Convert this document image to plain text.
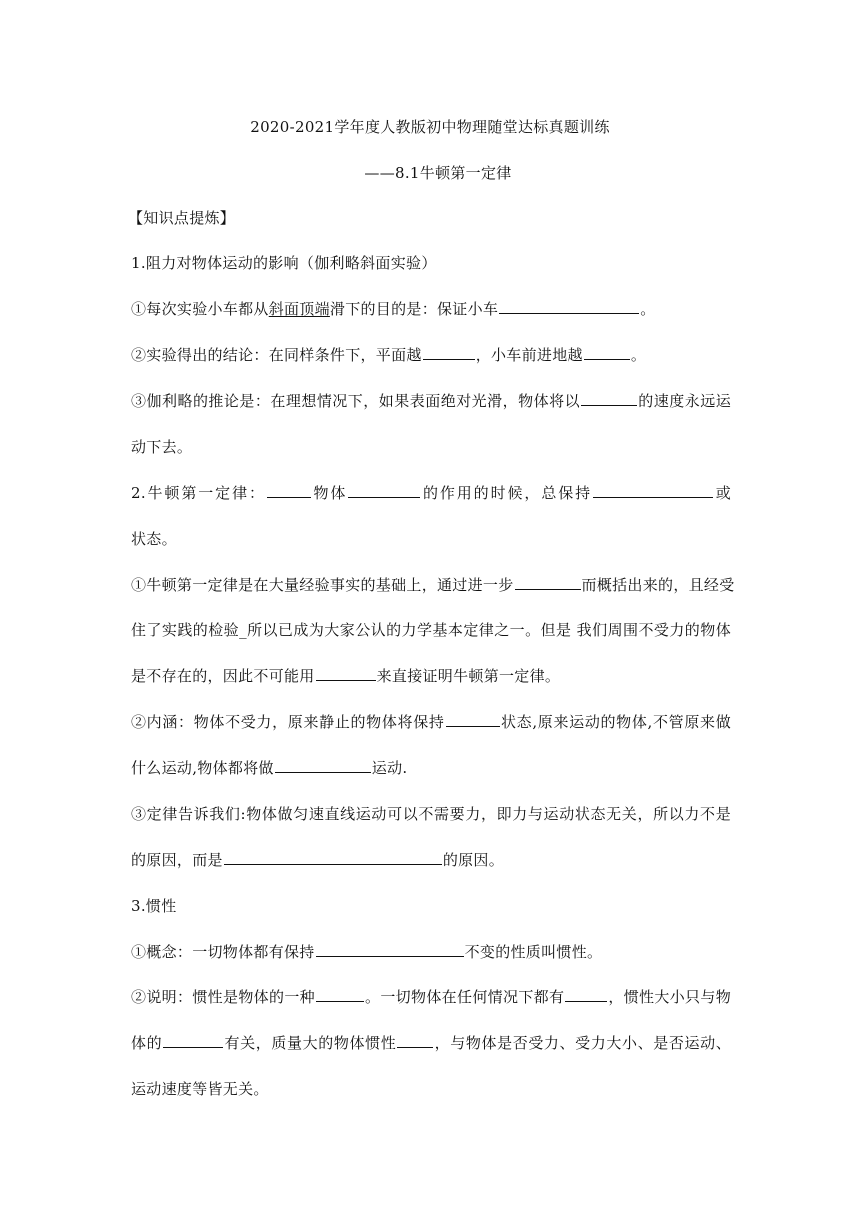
2020-2021学年度人教版初中物理随堂达标真题训练
——8.1牛顿第一定律
【知识点提炼】
1.阻力对物体运动的影响（伽利略斜面实验）
①每次实验小车都从斜面顶端滑下的目的是：保证小车	。
②实验得出的结论：在同样条件下，平面越	，小车前进地越	。
③伽利略的推论是：在理想情况下，如果表面绝对光滑，物体将以	的速度永远运
动下去。
2.牛顿第一定律：	物体	的作用的时候，总保持	或
状态。
①牛顿第一定律是在大量经验事实的基础上，通过进一步	而概括出来的，且经受
住了实践的检验_所以已成为大家公认的力学基本定律之一。但是 我们周围不受力的物体
是不存在的，因此不可能用	来直接证明牛顿第一定律。
②内涵：物体不受力，原来静止的物体将保持	状态,原来运动的物体,不管原来做
什么运动,物体都将做	运动.
③定律告诉我们:物体做匀速直线运动可以不需要力，即力与运动状态无关，所以力不是
的原因，而是	的原因。
3.惯性
①概念：一切物体都有保持	不变的性质叫惯性。
②说明：惯性是物体的一种	。一切物体在任何情况下都有	，惯性大小只与物
体的	有关，质量大的物体惯性	，与物体是否受力、受力大小、是否运动、
运动速度等皆无关。
